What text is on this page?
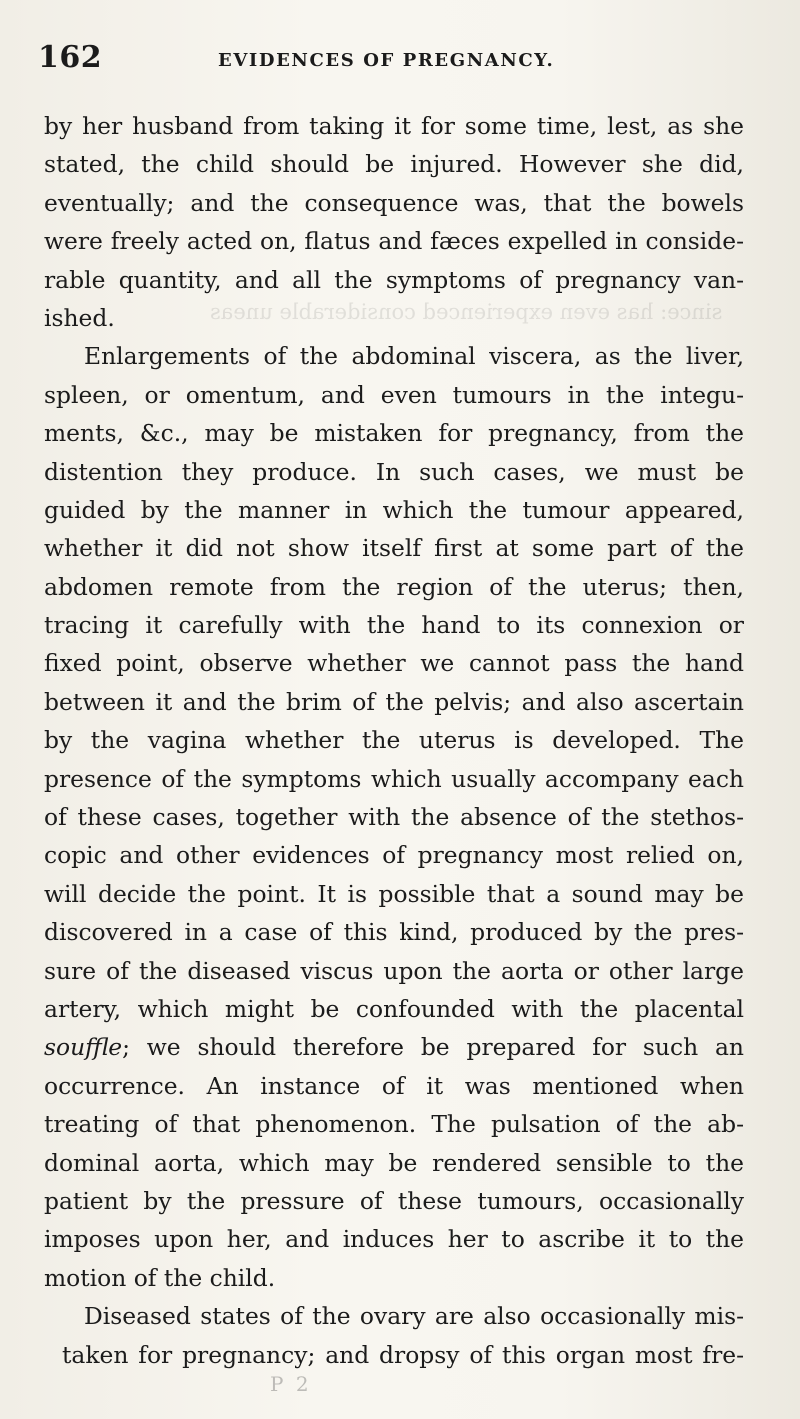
since: has even experienced considerable uneas
162	EVIDENCES OF PREGNANCY.
by her husband from taking it for some time, lest, as she
stated, the child should be injured. However she did,
eventually; and the consequence was, that the bowels
were freely acted on, flatus and fæces expelled in conside-
rable quantity, and all the symptoms of pregnancy van-
ished.
Enlargements of the abdominal viscera, as the liver,
spleen, or omentum, and even tumours in the integu-
ments, &c., may be mistaken for pregnancy, from the
distention they produce. In such cases, we must be
guided by the manner in which the tumour appeared,
whether it did not show itself first at some part of the
abdomen remote from the region of the uterus; then,
tracing it carefully with the hand to its connexion or
fixed point, observe whether we cannot pass the hand
between it and the brim of the pelvis; and also ascertain
by the vagina whether the uterus is developed. The
presence of the symptoms which usually accompany each
of these cases, together with the absence of the stethos-
copic and other evidences of pregnancy most relied on,
will decide the point. It is possible that a sound may be
discovered in a case of this kind, produced by the pres-
sure of the diseased viscus upon the aorta or other large
artery, which might be confounded with the placental
souffle; we should therefore be prepared for such an
occurrence. An instance of it was mentioned when
treating of that phenomenon. The pulsation of the ab-
dominal aorta, which may be rendered sensible to the
patient by the pressure of these tumours, occasionally
imposes upon her, and induces her to ascribe it to the
motion of the child.
Diseased states of the ovary are also occasionally mis-
taken for pregnancy; and dropsy of this organ most fre-
P 2
